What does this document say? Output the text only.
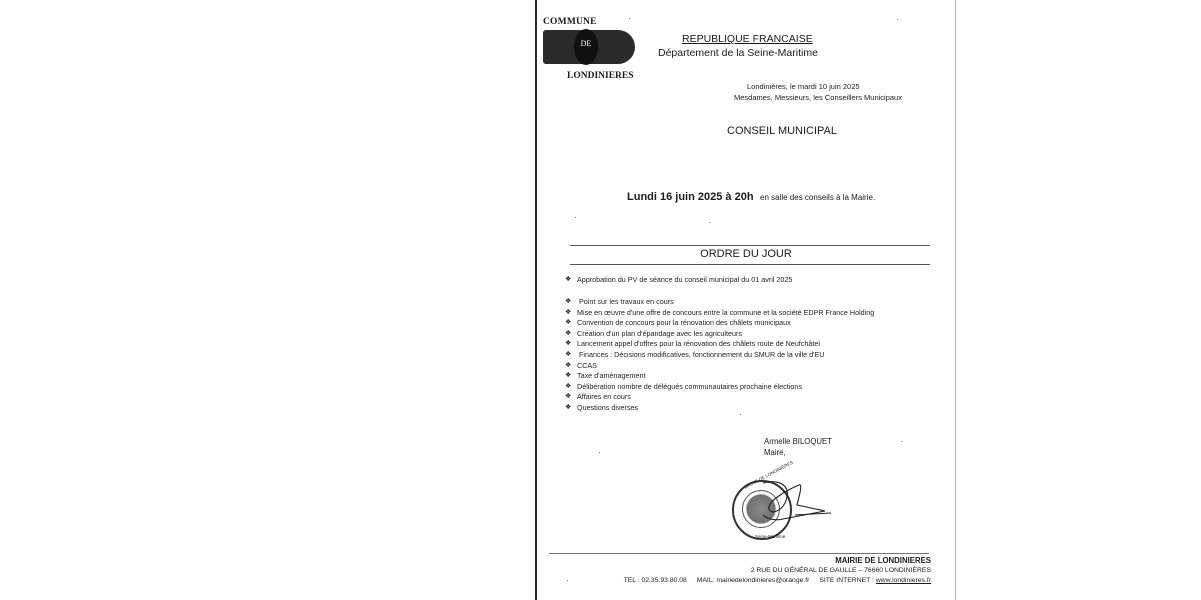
COMMUNE
DE
LONDINIERES
REPUBLIQUE FRANCAISE
Département de la Seine-Maritime
Londinières, le mardi 10 juin 2025
Mesdames, Messieurs, les Conseillers Municipaux
CONSEIL MUNICIPAL
Lundi 16 juin 2025 à 20h en salle des conseils à la Mairie.
ORDRE DU JOUR
❖ Approbation du PV de séance du conseil municipal du 01 avril 2025
❖	Point sur les travaux en cours
❖ Mise en œuvre d'une offre de concours entre la commune et la société EDPR France Holding
❖ Convention de concours pour la rénovation des châlets municipaux
❖ Création d'un plan d'épandage avec les agriculteurs
❖ Lancement appel d'offres pour la rénovation des châlets route de Neufchâtel
❖	Finances : Décisions modificatives, fonctionnement du SMUR de la ville d'EU
❖ CCAS
❖ Taxe d'aménagement
❖ Délibération nombre de délégués communautaires prochaine élections
❖ Affaires en cours
❖ Questions diverses
Armelle BILOQUET
Maire,
MAIRIE DE LONDINIÈRES
Seine-Maritime
MAIRIE DE LONDINIERES
2 RUE DU GÉNÉRAL DE GAULLE – 76660 LONDINIÈRES
TEL : 02.35.93.80.08 MAIL: mairiedelondinieres@orange.fr SITE INTERNET : www.londinieres.fr
